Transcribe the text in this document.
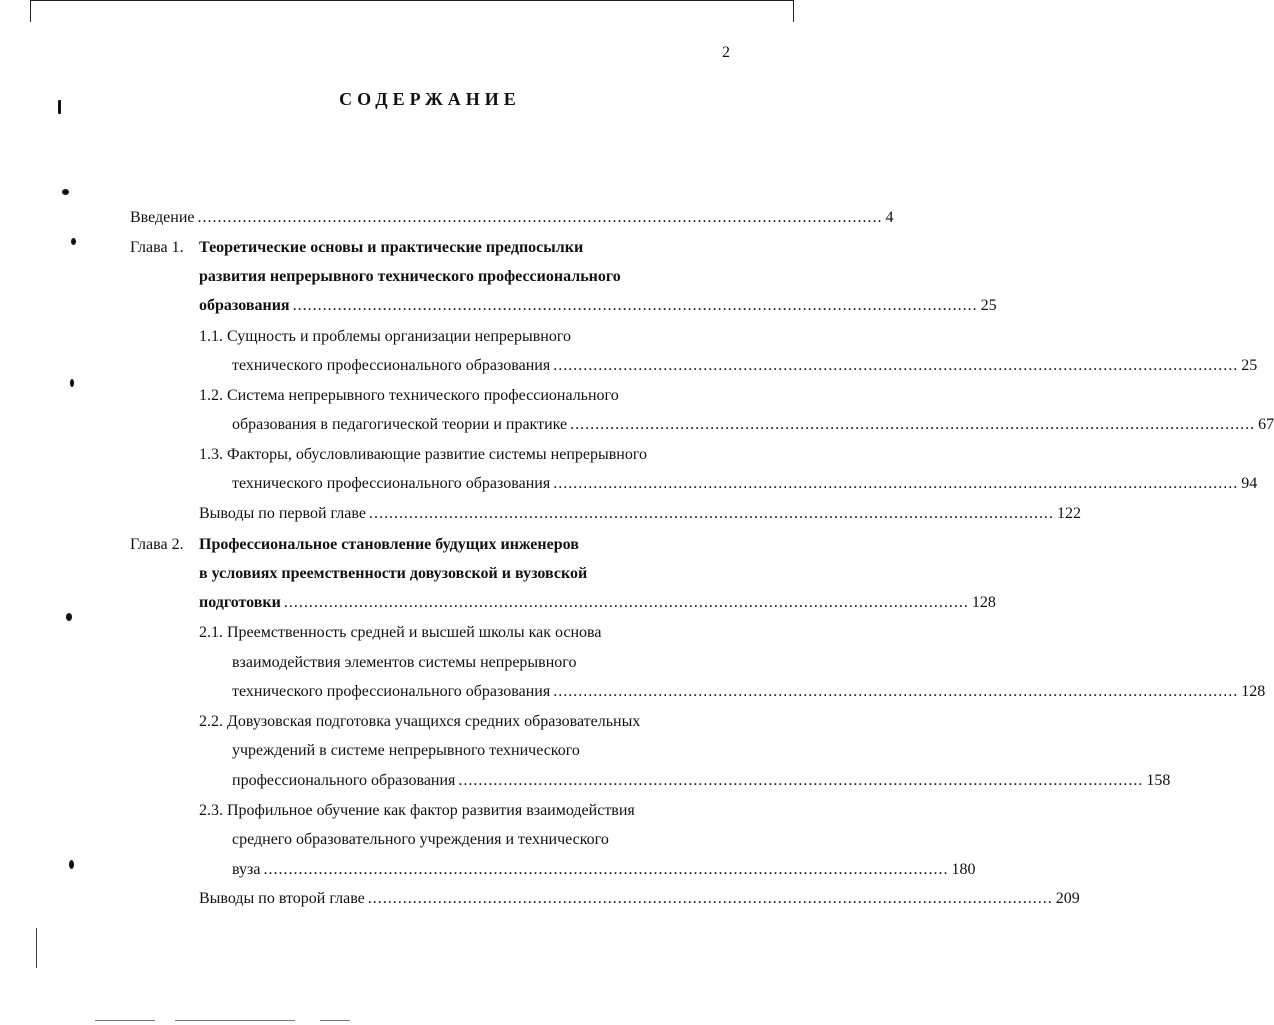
2
СОДЕРЖАНИЕ
Введение ......................................................................................................................................... 4
Глава 1. Теоретические основы и практические предпосылки
развития непрерывного технического профессионального
образования ......................................................................................................................................... 25
1.1. Сущность и проблемы организации непрерывного
технического профессионального образования ......................................................................................................................................... 25
1.2. Система непрерывного технического профессионального
образования в педагогической теории и практике ......................................................................................................................................... 67
1.3. Факторы, обусловливающие развитие системы непрерывного
технического профессионального образования ......................................................................................................................................... 94
Выводы по первой главе ......................................................................................................................................... 122
Глава 2. Профессиональное становление будущих инженеров
в условиях преемственности довузовской и вузовской
подготовки ......................................................................................................................................... 128
2.1. Преемственность средней и высшей школы как основа
взаимодействия элементов системы непрерывного
технического профессионального образования ......................................................................................................................................... 128
2.2. Довузовская подготовка учащихся средних образовательных
учреждений в системе непрерывного технического
профессионального образования ......................................................................................................................................... 158
2.3. Профильное обучение как фактор развития взаимодействия
среднего образовательного учреждения и технического
вуза ......................................................................................................................................... 180
Выводы по второй главе ......................................................................................................................................... 209
